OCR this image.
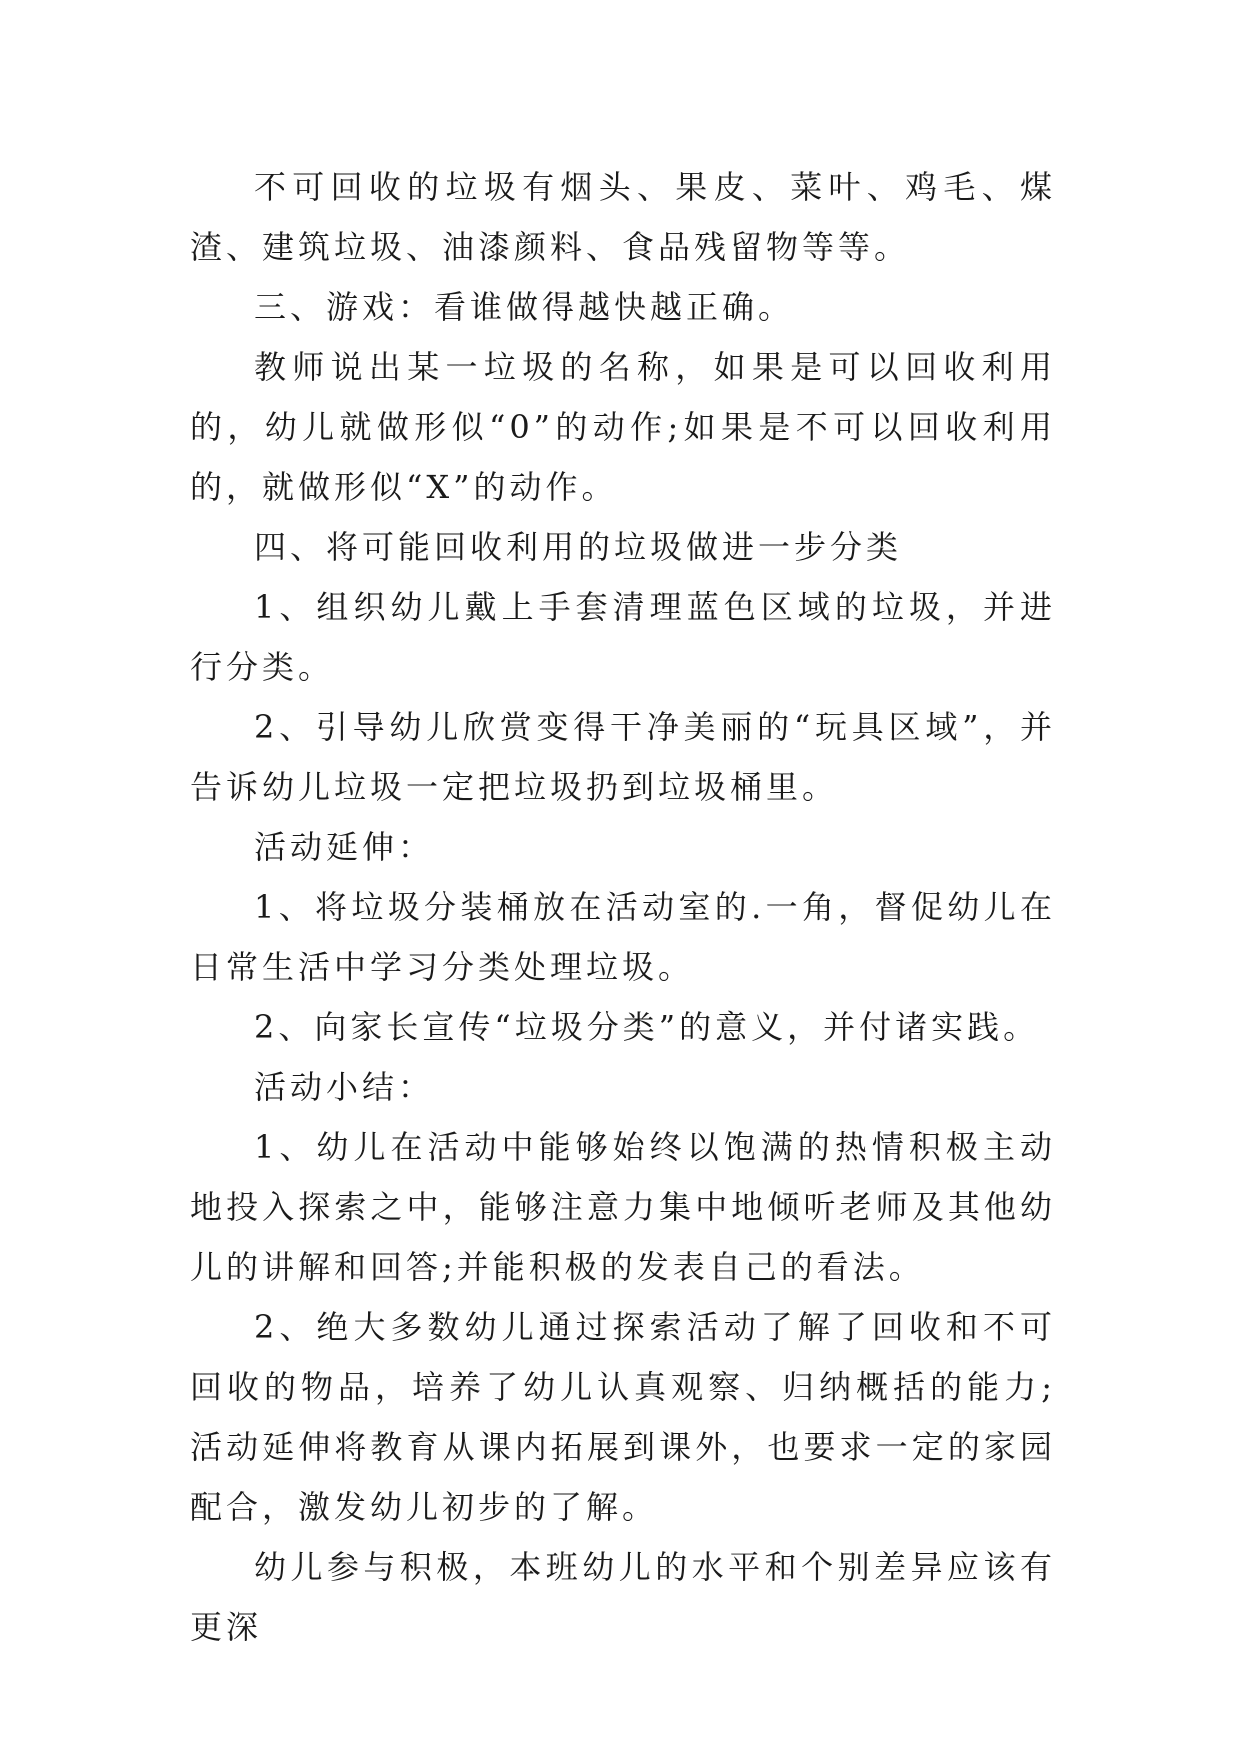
不可回收的垃圾有烟头、果皮、菜叶、鸡毛、煤渣、建筑垃圾、油漆颜料、食品残留物等等。

三、游戏：看谁做得越快越正确。

教师说出某一垃圾的名称，如果是可以回收利用的，幼儿就做形似“0”的动作;如果是不可以回收利用的，就做形似“X”的动作。

四、将可能回收利用的垃圾做进一步分类

1、组织幼儿戴上手套清理蓝色区域的垃圾，并进行分类。

2、引导幼儿欣赏变得干净美丽的“玩具区域”，并告诉幼儿垃圾一定把垃圾扔到垃圾桶里。

活动延伸：

1、将垃圾分装桶放在活动室的.一角，督促幼儿在日常生活中学习分类处理垃圾。

2、向家长宣传“垃圾分类”的意义，并付诸实践。

活动小结：

1、幼儿在活动中能够始终以饱满的热情积极主动地投入探索之中，能够注意力集中地倾听老师及其他幼儿的讲解和回答;并能积极的发表自己的看法。

2、绝大多数幼儿通过探索活动了解了回收和不可回收的物品，培养了幼儿认真观察、归纳概括的能力;活动延伸将教育从课内拓展到课外，也要求一定的家园配合，激发幼儿初步的了解。

幼儿参与积极，本班幼儿的水平和个别差异应该有更深
